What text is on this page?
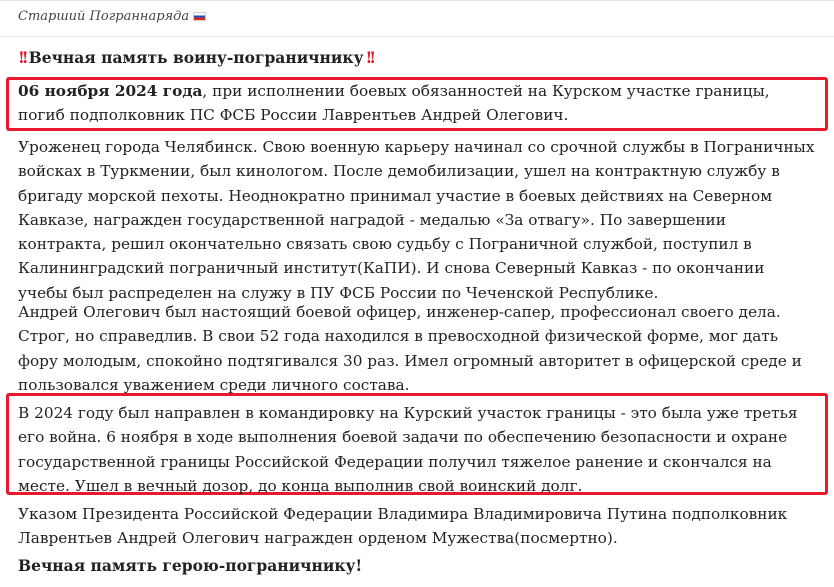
Старший Пограннаряда
!! Вечная память воину-пограничнику !!
06 ноября 2024 года, при исполнении боевых обязанностей на Курском участке границы, погиб подполковник ПС ФСБ России Лаврентьев Андрей Олегович.
Уроженец города Челябинск. Свою военную карьеру начинал со срочной службы в Пограничных войсках в Туркмении, был кинологом. После демобилизации, ушел на контрактную службу в бригаду морской пехоты. Неоднократно принимал участие в боевых действиях на Северном Кавказе, награжден государственной наградой - медалью «За отвагу». По завершении контракта, решил окончательно связать свою судьбу с Пограничной службой, поступил в Калининградский пограничный институт(КаПИ). И снова Северный Кавказ - по окончании учебы был распределен на служу в ПУ ФСБ России по Чеченской Республике.
Андрей Олегович был настоящий боевой офицер, инженер-сапер, профессионал своего дела. Строг, но справедлив. В свои 52 года находился в превосходной физической форме, мог дать фору молодым, спокойно подтягивался 30 раз. Имел огромный авторитет в офицерской среде и пользовался уважением среди личного состава.
В 2024 году был направлен в командировку на Курский участок границы - это была уже третья его война. 6 ноября в ходе выполнения боевой задачи по обеспечению безопасности и охране государственной границы Российской Федерации получил тяжелое ранение и скончался на месте. Ушел в вечный дозор, до конца выполнив свой воинский долг.
Указом Президента Российской Федерации Владимира Владимировича Путина подполковник Лаврентьев Андрей Олегович награжден орденом Мужества(посмертно).
Вечная память герою-пограничнику!
